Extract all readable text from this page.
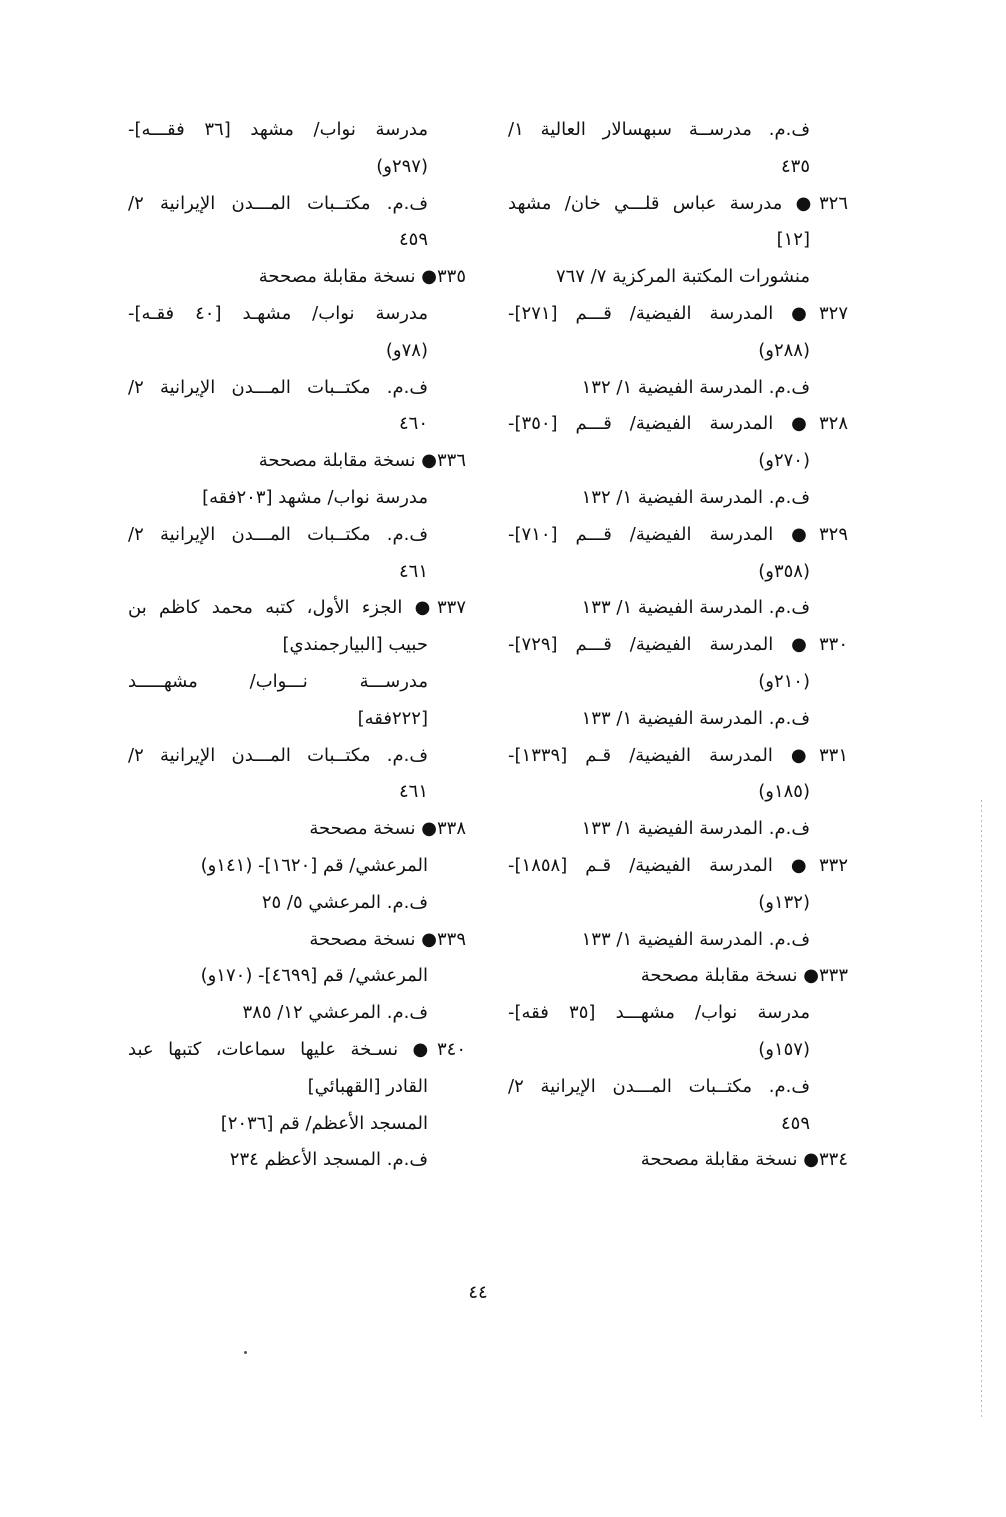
ف.م. مدرســة سبهسالار العالية ١/
٤٣٥
٣٢٦● مدرسة عباس قلـــي خان/ مشهد
[١٢]
منشورات المكتبة المركزية ٧/ ٧٦٧
٣٢٧● المدرسة الفيضية/ قـــم [٢٧١]-
(٢٨٨و)
ف.م. المدرسة الفيضية ١/ ١٣٢
٣٢٨● المدرسة الفيضية/ قـــم [٣٥٠]-
(٢٧٠و)
ف.م. المدرسة الفيضية ١/ ١٣٢
٣٢٩● المدرسة الفيضية/ قـــم [٧١٠]-
(٣٥٨و)
ف.م. المدرسة الفيضية ١/ ١٣٣
٣٣٠● المدرسة الفيضية/ قـــم [٧٢٩]-
(٢١٠و)
ف.م. المدرسة الفيضية ١/ ١٣٣
٣٣١● المدرسة الفيضية/ قـم [١٣٣٩]-
(١٨٥و)
ف.م. المدرسة الفيضية ١/ ١٣٣
٣٣٢● المدرسة الفيضية/ قـم [١٨٥٨]-
(١٣٢و)
ف.م. المدرسة الفيضية ١/ ١٣٣
٣٣٣● نسخة مقابلة مصححة
مدرسة نواب/ مشهـــد [٣٥ فقه]-
(١٥٧و)
ف.م. مكتــبات المـــدن الإيرانية ٢/
٤٥٩
٣٣٤● نسخة مقابلة مصححة
مدرسة نواب/ مشهد [٣٦ فقـــه]-
(٢٩٧و)
ف.م. مكتــبات المـــدن الإيرانية ٢/
٤٥٩
٣٣٥● نسخة مقابلة مصححة
مدرسة نواب/ مشهـد [٤٠ فقـه]-
(٧٨و)
ف.م. مكتــبات المـــدن الإيرانية ٢/
٤٦٠
٣٣٦● نسخة مقابلة مصححة
مدرسة نواب/ مشهد [٢٠٣فقه]
ف.م. مكتــبات المـــدن الإيرانية ٢/
٤٦١
٣٣٧● الجزء الأول، كتبه محمد كاظم بن
حبيب [البيارجمندي]
مدرســـة نـــواب/ مشهـــــد
[٢٢٢فقه]
ف.م. مكتــبات المـــدن الإيرانية ٢/
٤٦١
٣٣٨● نسخة مصححة
المرعشي/ قم [١٦٢٠]- (١٤١و)
ف.م. المرعشي ٥/ ٢٥
٣٣٩● نسخة مصححة
المرعشي/ قم [٤٦٩٩]- (١٧٠و)
ف.م. المرعشي ١٢/ ٣٨٥
٣٤٠● نسـخة عليها سماعات، كتبها عبد
القادر [القهبائي]
المسجد الأعظم/ قم [٢٠٣٦]
ف.م. المسجد الأعظم ٢٣٤
٤٤
